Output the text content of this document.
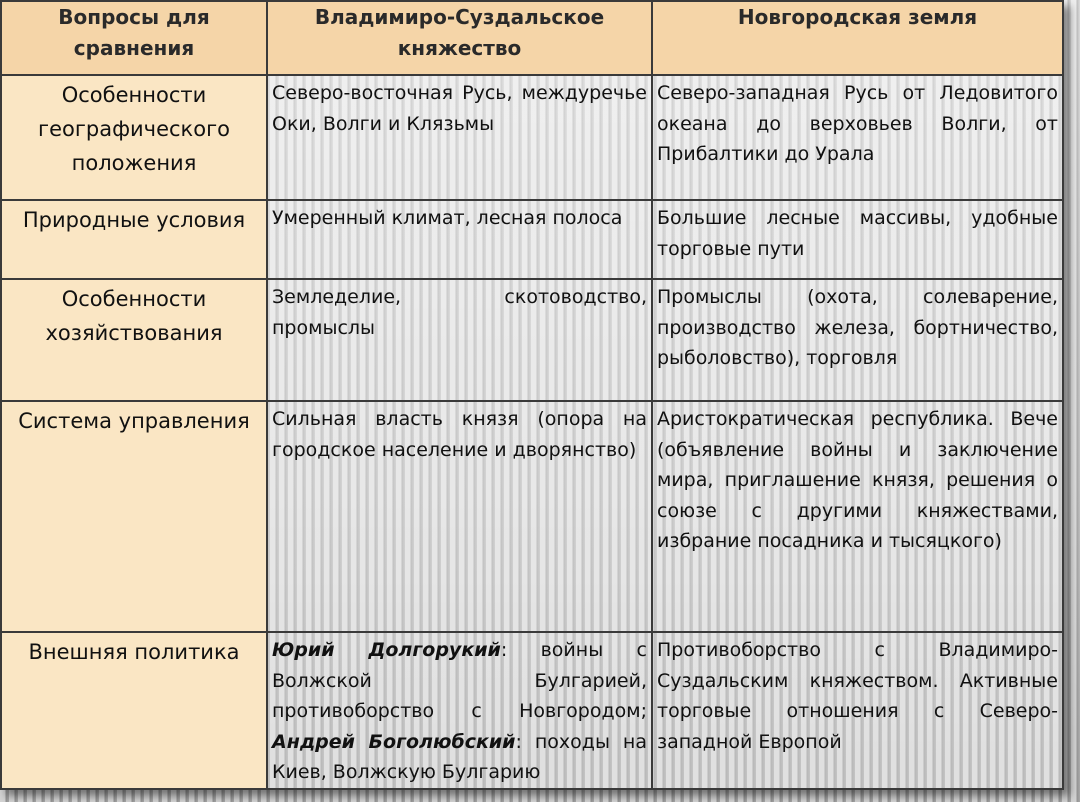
Вопросы для сравнения	Владимиро-Суздальское княжество	Новгородская земля
Особенности географического положения	Северо-восточная Русь, междуречье Оки, Волги и Клязьмы	Северо-западная Русь от Ледовитого океана до верховьев Волги, от Прибалтики до Урала
Природные условия	Умеренный климат, лесная полоса	Большие лесные массивы, удобные торговые пути
Особенности хозяйствования	Земледелие, скотоводство, промыслы	Промыслы (охота, солеварение, производство железа, бортничество, рыболовство), торговля
Система управления	Сильная власть князя (опора на городское население и дворянство)	Аристократическая республика. Вече (объявление войны и заключение мира, приглашение князя, решения о союзе с другими княжествами, избрание посадника и тысяцкого)
Внешняя политика	Юрий Долгорукий: войны с Волжской Булгарией, противоборство с Новгородом; Андрей Боголюбский: походы на Киев, Волжскую Булгарию	Противоборство с Владимиро-Суздальским княжеством. Активные торговые отношения с Северо-западной Европой
